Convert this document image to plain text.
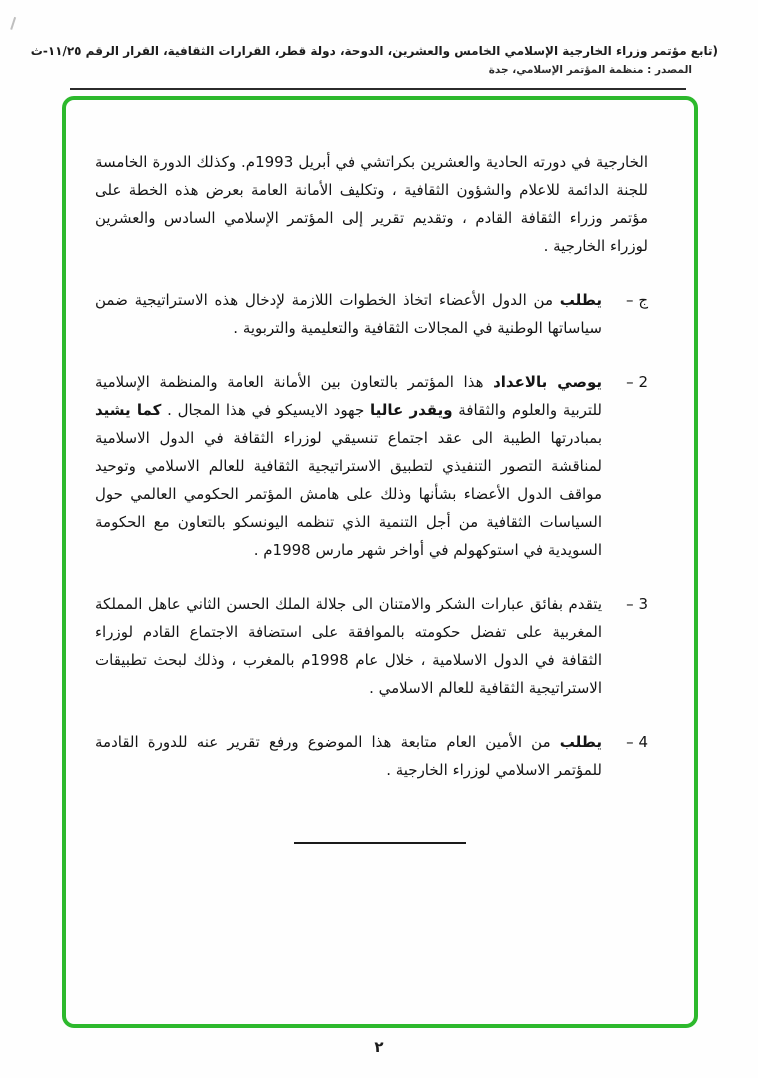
(تابع مؤتمر وزراء الخارجية الإسلامي الخامس والعشرين، الدوحة، دولة قطر، القرارات الثقافية، القرار الرقم ١١/٢٥-ث
المصدر : منظمة المؤتمر الإسلامي، جدة
الخارجية في دورته الحادية والعشرين بكراتشي في أبريل 1993م. وكذلك الدورة الخامسة للجنة الدائمة للاعلام والشؤون الثقافية ، وتكليف الأمانة العامة بعرض هذه الخطة على مؤتمر وزراء الثقافة القادم ، وتقديم تقرير إلى المؤتمر الإسلامي السادس والعشرين لوزراء الخارجية .
ج –
يطلب من الدول الأعضاء اتخاذ الخطوات اللازمة لإدخال هذه الاستراتيجية ضمن سياساتها الوطنية في المجالات الثقافية والتعليمية والتربوية .
2 –
يوصي بالاعداد هذا المؤتمر بالتعاون بين الأمانة العامة والمنظمة الإسلامية للتربية والعلوم والثقافة ويقدر عاليا جهود الايسيكو في هذا المجال . كما يشيد بمبادرتها الطيبة الى عقد اجتماع تنسيقي لوزراء الثقافة في الدول الاسلامية لمناقشة التصور التنفيذي لتطبيق الاستراتيجية الثقافية للعالم الاسلامي وتوحيد مواقف الدول الأعضاء بشأنها وذلك على هامش المؤتمر الحكومي العالمي حول السياسات الثقافية من أجل التنمية الذي تنظمه اليونسكو بالتعاون مع الحكومة السويدية في استوكهولم في أواخر شهر مارس 1998م .
3 –
يتقدم بفائق عبارات الشكر والامتنان الى جلالة الملك الحسن الثاني عاهل المملكة المغربية على تفضل حكومته بالموافقة على استضافة الاجتماع القادم لوزراء الثقافة في الدول الاسلامية ، خلال عام 1998م بالمغرب ، وذلك لبحث تطبيقات الاستراتيجية الثقافية للعالم الاسلامي .
4 –
يطلب من الأمين العام متابعة هذا الموضوع ورفع تقرير عنه للدورة القادمة للمؤتمر الاسلامي لوزراء الخارجية .
٢
